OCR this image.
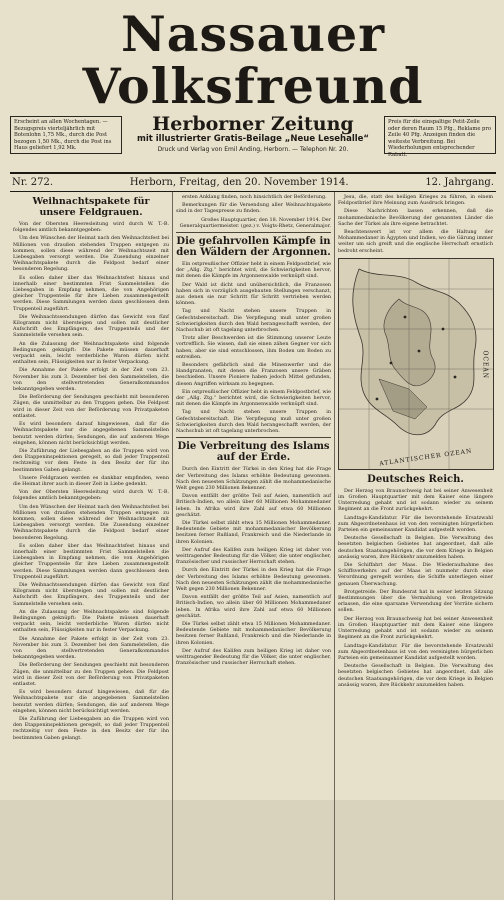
Nassauer Volksfreund
Erscheint an allen Wochentagen. — Bezugspreis vierteljährlich mit Botenlohn 1,75 Mk., durch die Post bezogen 1,50 Mk., durch die Post ins Haus geliefert 1,92 Mk.
Herborner Zeitung
mit illustrierter Gratis-Beilage „Neue Lesehalle“
Druck und Verlag von Emil Anding, Herborn. — Telephon Nr. 20.
Preis für die einspaltige Petit-Zeile oder deren Raum 15 Pfg., Reklame pro Zeile 40 Pfg. Anzeigen finden die weiteste Verbreitung. Bei Wiederholungen entsprechender Rabatt.
Nr. 272.	Herborn, Freitag, den 20. November 1914.	12. Jahrgang.
Weihnachtspakete für unsere Feldgrauen.

Von der Obersten Heeresleitung wird durch W. T.-B. folgendes amtlich bekanntgegeben:

Um den Wünschen der Heimat nach den Weihnachtsfest bei Millionen von draußen stehenden Truppen entgegen zu kommen, sollen diese während der Weihnachtszeit mit Liebesgaben versorgt werden. Die Zusendung einzelner Weihnachtspakete durch die Feldpost bedarf einer besonderen Regelung.

Es sollen daher über das Weihnachtsfest hinaus und innerhalb einer bestimmten Frist Sammelstellen die Liebesgaben in Empfang nehmen, die von Angehörigen gleicher Truppenteile für ihre Lieben zusammengestellt werden. Diese Sammlungen werden dann geschlossen dem Truppenteil zugeführt.

Die Weihnachtssendungen dürfen das Gewicht von fünf Kilogramm nicht übersteigen und sollen mit deutlicher Aufschrift des Empfängers, des Truppenteils und der Sammelstelle versehen sein.

An die Zulassung der Weihnachtspakete sind folgende Bedingungen geknüpft: Die Pakete müssen dauerhaft verpackt sein, leicht verderbliche Waren dürfen nicht enthalten sein, Flüssigkeiten nur in fester Verpackung.

Die Annahme der Pakete erfolgt in der Zeit vom 23. November bis zum 3. Dezember bei den Sammelstellen, die von den stellvertretenden Generalkommandos bekanntgegeben werden.

Die Beförderung der Sendungen geschieht mit besonderen Zügen, die unmittelbar zu den Truppen gehen. Die Feldpost wird in dieser Zeit von der Beförderung von Privatpaketen entlastet.

Es wird besonders darauf hingewiesen, daß für die Weihnachtspakete nur die angegebenen Sammelstellen benutzt werden dürfen; Sendungen, die auf anderem Wege eingehen, können nicht berücksichtigt werden.

Die Zuführung der Liebesgaben an die Truppen wird von den Etappeninspektionen geregelt, so daß jeder Truppenteil rechtzeitig vor dem Feste in den Besitz der für ihn bestimmten Gaben gelangt.

Unsere Feldgrauen werden es dankbar empfinden, wenn die Heimat ihrer auch in dieser Zeit in Liebe gedenkt.

Von der Obersten Heeresleitung wird durch W. T.-B. folgendes amtlich bekanntgegeben:

Um den Wünschen der Heimat nach den Weihnachtsfest bei Millionen von draußen stehenden Truppen entgegen zu kommen, sollen diese während der Weihnachtszeit mit Liebesgaben versorgt werden. Die Zusendung einzelner Weihnachtspakete durch die Feldpost bedarf einer besonderen Regelung.

Es sollen daher über das Weihnachtsfest hinaus und innerhalb einer bestimmten Frist Sammelstellen die Liebesgaben in Empfang nehmen, die von Angehörigen gleicher Truppenteile für ihre Lieben zusammengestellt werden. Diese Sammlungen werden dann geschlossen dem Truppenteil zugeführt.

Die Weihnachtssendungen dürfen das Gewicht von fünf Kilogramm nicht übersteigen und sollen mit deutlicher Aufschrift des Empfängers, des Truppenteils und der Sammelstelle versehen sein.

An die Zulassung der Weihnachtspakete sind folgende Bedingungen geknüpft: Die Pakete müssen dauerhaft verpackt sein, leicht verderbliche Waren dürfen nicht enthalten sein, Flüssigkeiten nur in fester Verpackung.

Die Annahme der Pakete erfolgt in der Zeit vom 23. November bis zum 3. Dezember bei den Sammelstellen, die von den stellvertretenden Generalkommandos bekanntgegeben werden.

Die Beförderung der Sendungen geschieht mit besonderen Zügen, die unmittelbar zu den Truppen gehen. Die Feldpost wird in dieser Zeit von der Beförderung von Privatpaketen entlastet.

Es wird besonders darauf hingewiesen, daß für die Weihnachtspakete nur die angegebenen Sammelstellen benutzt werden dürfen; Sendungen, die auf anderem Wege eingehen, können nicht berücksichtigt werden.

Die Zuführung der Liebesgaben an die Truppen wird von den Etappeninspektionen geregelt, so daß jeder Truppenteil rechtzeitig vor dem Feste in den Besitz der für ihn bestimmten Gaben gelangt.

ersten Anklang finden, noch hinsichtlich der Beförderung.

Bemerkungen für die Versendung aller Weihnachtspakete sind in der Tagespresse zu finden.

Großes Hauptquartier, den 18. November 1914. Der Generalquartiermeister. (gez.) v. Voigts-Rhetz, Generalmajor.

Die gefahrvollen Kämpfe in den Wäldern der Argonnen.

Ein ostpreußischer Offizier hebt in einem Feldpostbrief, wie der „Allg. Ztg.“ berichtet wird, die Schwierigkeiten hervor, mit denen die Kämpfe im Argonnenwalde verknüpft sind.

Der Wald ist dicht und unübersichtlich, die Franzosen haben sich in vorzüglich ausgebauten Stellungen verschanzt, aus denen sie nur Schritt für Schritt vertrieben werden können.

Tag und Nacht stehen unsere Truppen in Gefechtsbereitschaft. Die Verpflegung muß unter großen Schwierigkeiten durch den Wald herangeschafft werden, der Nachschub ist oft tagelang unterbrochen.

Trotz aller Beschwerden ist die Stimmung unserer Leute vortrefflich. Sie wissen, daß sie einen zähen Gegner vor sich haben, aber sie sind entschlossen, ihm Boden um Boden zu entreißen.

Besonders gefährlich sind die Minenwerfer und die Handgranaten, mit denen die Franzosen unsere Gräben beschießen. Unsere Pioniere haben jedoch Mittel gefunden, diesen Angriffen wirksam zu begegnen.

Ein ostpreußischer Offizier hebt in einem Feldpostbrief, wie der „Allg. Ztg.“ berichtet wird, die Schwierigkeiten hervor, mit denen die Kämpfe im Argonnenwalde verknüpft sind.

Tag und Nacht stehen unsere Truppen in Gefechtsbereitschaft. Die Verpflegung muß unter großen Schwierigkeiten durch den Wald herangeschafft werden, der Nachschub ist oft tagelang unterbrochen.

Die Verbreitung des Islams auf der Erde.

Durch den Eintritt der Türkei in den Krieg hat die Frage der Verbreitung des Islams erhöhte Bedeutung gewonnen. Nach den neuesten Schätzungen zählt die mohammedanische Welt gegen 230 Millionen Bekenner.

Davon entfällt der größte Teil auf Asien, namentlich auf Britisch-Indien, wo allein über 60 Millionen Mohammedaner leben. In Afrika wird ihre Zahl auf etwa 60 Millionen geschätzt.

Die Türkei selbst zählt etwa 15 Millionen Mohammedaner. Bedeutende Gebiete mit mohammedanischer Bevölkerung besitzen ferner Rußland, Frankreich und die Niederlande in ihren Kolonien.

Der Aufruf des Kalifen zum heiligen Krieg ist daher von weittragender Bedeutung für die Völker, die unter englischer, französischer und russischer Herrschaft stehen.

Durch den Eintritt der Türkei in den Krieg hat die Frage der Verbreitung des Islams erhöhte Bedeutung gewonnen. Nach den neuesten Schätzungen zählt die mohammedanische Welt gegen 230 Millionen Bekenner.

Davon entfällt der größte Teil auf Asien, namentlich auf Britisch-Indien, wo allein über 60 Millionen Mohammedaner leben. In Afrika wird ihre Zahl auf etwa 60 Millionen geschätzt.

Die Türkei selbst zählt etwa 15 Millionen Mohammedaner. Bedeutende Gebiete mit mohammedanischer Bevölkerung besitzen ferner Rußland, Frankreich und die Niederlande in ihren Kolonien.

Der Aufruf des Kalifen zum heiligen Krieg ist daher von weittragender Bedeutung für die Völker, die unter englischer, französischer und russischer Herrschaft stehen.

Jesu, die, statt des heiligen Krieges zu führen, in einem Feldpostbrief ihre Meinung zum Ausdruck bringen.

Diese Nachrichten lassen erkennen, daß die mohammedanische Bevölkerung der genannten Länder die Sache der Türkei als ihre eigene betrachtet.

Beachtenswert ist vor allem die Haltung der Mohammedaner in Ägypten und Indien, wo die Gärung immer weiter um sich greift und die englische Herrschaft ernstlich bedroht erscheint.

OCEAN
ATLANTISCHER OZEAN
Deutsches Reich.

Der Herzog von Braunschweig hat bei seiner Anwesenheit im Großen Hauptquartier mit dem Kaiser eine längere Unterredung gehabt und ist sodann wieder zu seinem Regiment an die Front zurückgekehrt.

Landtags-Kandidatur. Für die bevorstehende Ersatzwahl zum Abgeordnetenhaus ist von den vereinigten bürgerlichen Parteien ein gemeinsamer Kandidat aufgestellt worden.

Deutsche Gesellschaft in Belgien. Die Verwaltung des besetzten belgischen Gebietes hat angeordnet, daß alle deutschen Staatsangehörigen, die vor dem Kriege in Belgien ansässig waren, ihre Rückkehr anzumelden haben.

Die Schiffahrt der Maas. Die Wiederaufnahme des Schiffsverkehrs auf der Maas ist nunmehr durch eine Verordnung geregelt worden; die Schiffe unterliegen einer genauen Überwachung.

Brotgetreide. Der Bundesrat hat in seiner letzten Sitzung Bestimmungen über die Vermahlung von Brotgetreide erlassen, die eine sparsame Verwendung der Vorräte sichern sollen.

Der Herzog von Braunschweig hat bei seiner Anwesenheit im Großen Hauptquartier mit dem Kaiser eine längere Unterredung gehabt und ist sodann wieder zu seinem Regiment an die Front zurückgekehrt.

Landtags-Kandidatur. Für die bevorstehende Ersatzwahl zum Abgeordnetenhaus ist von den vereinigten bürgerlichen Parteien ein gemeinsamer Kandidat aufgestellt worden.

Deutsche Gesellschaft in Belgien. Die Verwaltung des besetzten belgischen Gebietes hat angeordnet, daß alle deutschen Staatsangehörigen, die vor dem Kriege in Belgien ansässig waren, ihre Rückkehr anzumelden haben.
